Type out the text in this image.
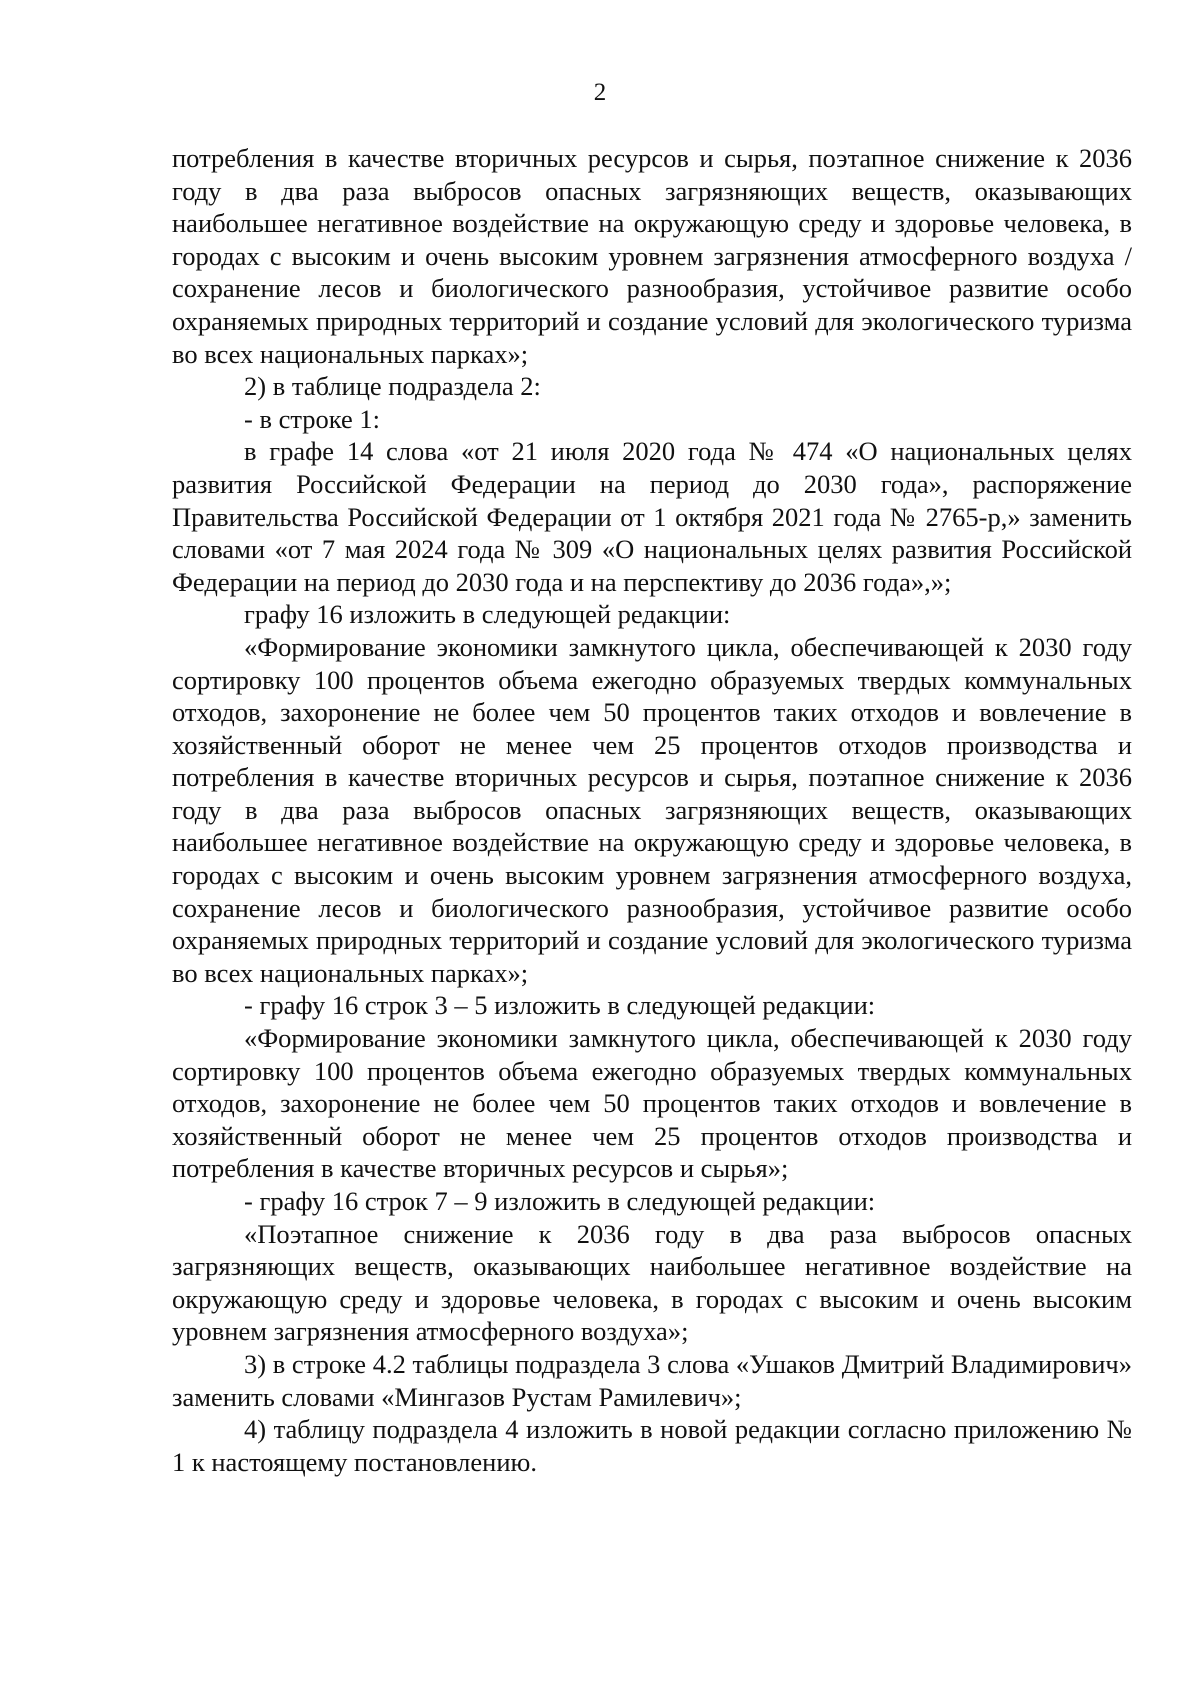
2

потребления в качестве вторичных ресурсов и сырья, поэтапное снижение к 2036 году в два раза выбросов опасных загрязняющих веществ, оказывающих наибольшее негативное воздействие на окружающую среду и здоровье человека, в городах с высоким и очень высоким уровнем загрязнения атмосферного воздуха / сохранение лесов и биологического разнообразия, устойчивое развитие особо охраняемых природных территорий и создание условий для экологического туризма во всех национальных парках»;

2) в таблице подраздела 2:

- в строке 1:

в графе 14 слова «от 21 июля 2020 года № 474 «О национальных целях развития Российской Федерации на период до 2030 года», распоряжение Правительства Российской Федерации от 1 октября 2021 года № 2765-р,» заменить словами «от 7 мая 2024 года № 309 «О национальных целях развития Российской Федерации на период до 2030 года и на перспективу до 2036 года»,»;

графу 16 изложить в следующей редакции:

«Формирование экономики замкнутого цикла, обеспечивающей к 2030 году сортировку 100 процентов объема ежегодно образуемых твердых коммунальных отходов, захоронение не более чем 50 процентов таких отходов и вовлечение в хозяйственный оборот не менее чем 25 процентов отходов производства и потребления в качестве вторичных ресурсов и сырья, поэтапное снижение к 2036 году в два раза выбросов опасных загрязняющих веществ, оказывающих наибольшее негативное воздействие на окружающую среду и здоровье человека, в городах с высоким и очень высоким уровнем загрязнения атмосферного воздуха, сохранение лесов и биологического разнообразия, устойчивое развитие особо охраняемых природных территорий и создание условий для экологического туризма во всех национальных парках»;

- графу 16 строк 3 – 5 изложить в следующей редакции:

«Формирование экономики замкнутого цикла, обеспечивающей к 2030 году сортировку 100 процентов объема ежегодно образуемых твердых коммунальных отходов, захоронение не более чем 50 процентов таких отходов и вовлечение в хозяйственный оборот не менее чем 25 процентов отходов производства и потребления в качестве вторичных ресурсов и сырья»;

- графу 16 строк 7 – 9 изложить в следующей редакции:

«Поэтапное снижение к 2036 году в два раза выбросов опасных загрязняющих веществ, оказывающих наибольшее негативное воздействие на окружающую среду и здоровье человека, в городах с высоким и очень высоким уровнем загрязнения атмосферного воздуха»;

3) в строке 4.2 таблицы подраздела 3 слова «Ушаков Дмитрий Владимирович» заменить словами «Мингазов Рустам Рамилевич»;

4) таблицу подраздела 4 изложить в новой редакции согласно приложению № 1 к настоящему постановлению.
